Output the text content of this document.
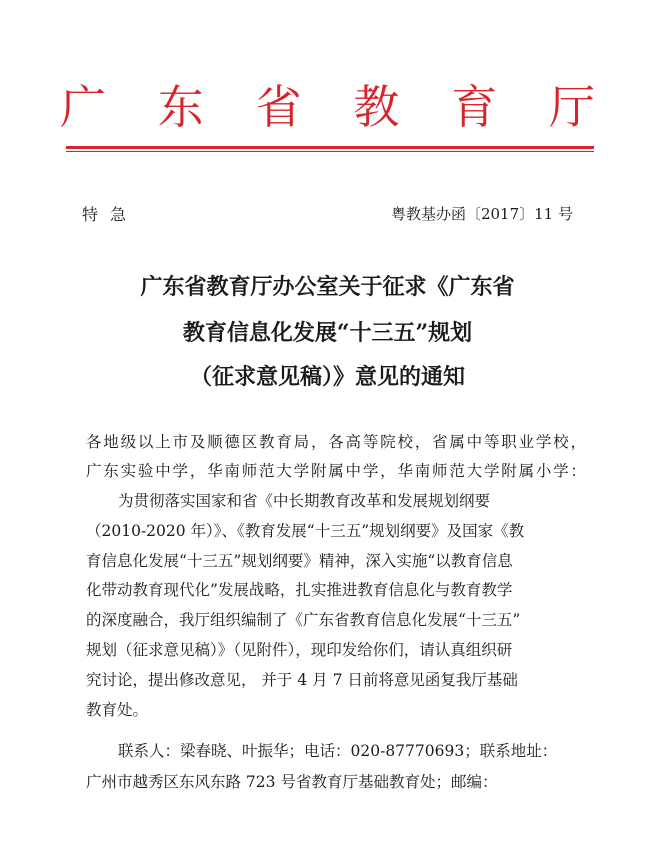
广 东 省 教 育 厅
特急	粤教基办函〔2017〕11 号
广东省教育厅办公室关于征求《广东省
教育信息化发展“十三五”规划
（征求意见稿）》意见的通知
各地级以上市及顺德区教育局，各高等院校，省属中等职业学校，
广东实验中学，华南师范大学附属中学，华南师范大学附属小学：
为贯彻落实国家和省《中长期教育改革和发展规划纲要
（2010-2020 年）》、《教育发展“十三五”规划纲要》及国家《教
育信息化发展“十三五”规划纲要》精神，深入实施“以教育信息
化带动教育现代化”发展战略，扎实推进教育信息化与教育教学
的深度融合，我厅组织编制了《广东省教育信息化发展“十三五”
规划（征求意见稿）》（见附件），现印发给你们，请认真组织研
究讨论，提出修改意见， 并于 4 月 7 日前将意见函复我厅基础
教育处。
联系人：梁春晓、叶振华；电话：020-87770693；联系地址：
广州市越秀区东风东路 723 号省教育厅基础教育处；邮编：
